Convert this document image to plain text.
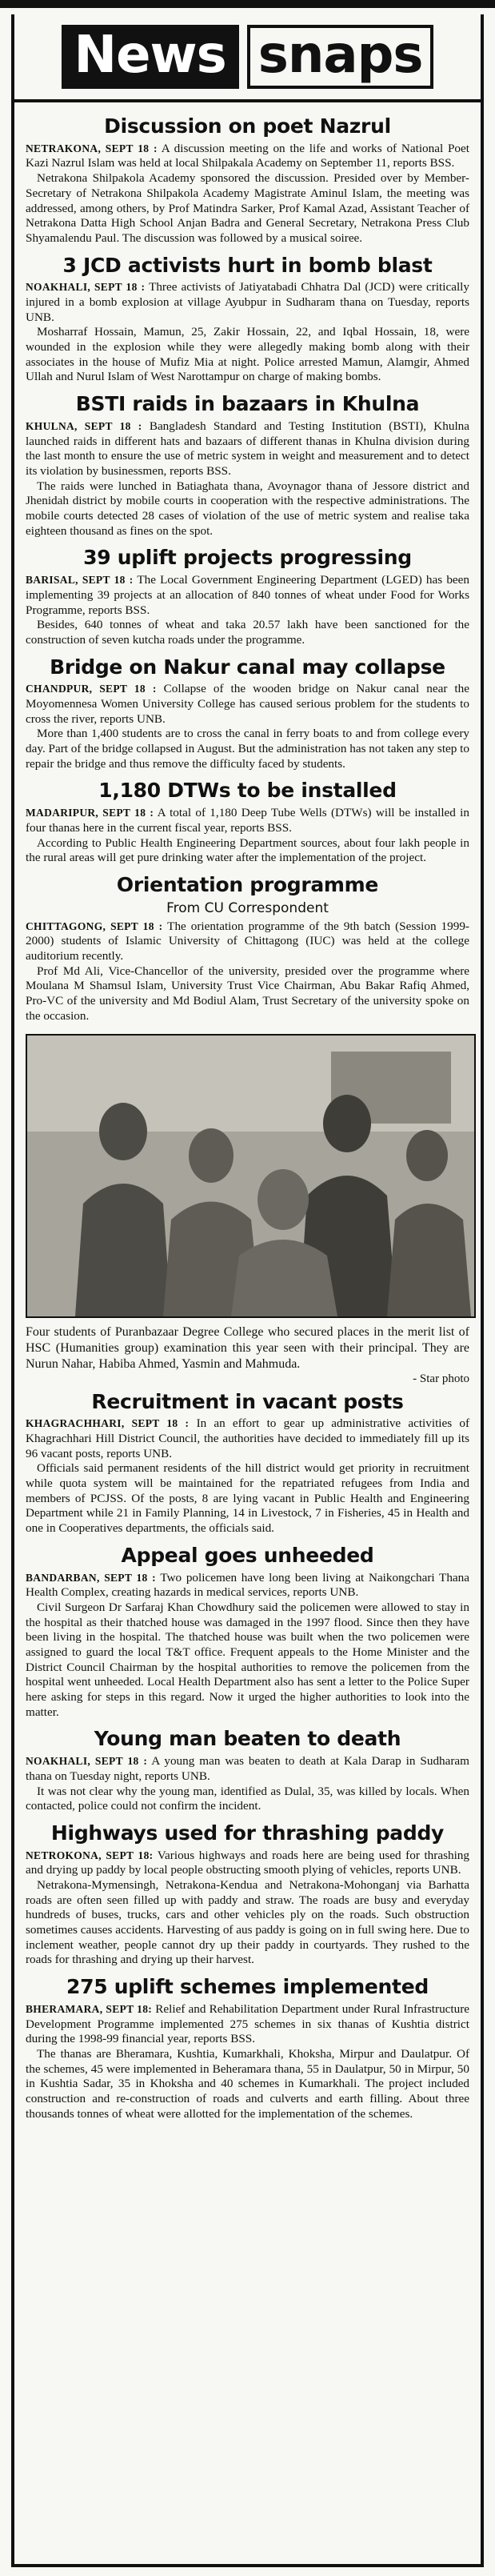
News snaps
Discussion on poet Nazrul

NETRAKONA, SEPT 18 : A discussion meeting on the life and works of National Poet Kazi Nazrul Islam was held at local Shilpakala Academy on September 11, reports BSS.

Netrakona Shilpakola Academy sponsored the discussion. Presided over by Member-Secretary of Netrakona Shilpakola Academy Magistrate Aminul Islam, the meeting was addressed, among others, by Prof Matindra Sarker, Prof Kamal Azad, Assistant Teacher of Netrakona Datta High School Anjan Badra and General Secretary, Netrakona Press Club Shyamalendu Paul. The discussion was followed by a musical soiree.

3 JCD activists hurt in bomb blast

NOAKHALI, SEPT 18 : Three activists of Jatiyatabadi Chhatra Dal (JCD) were critically injured in a bomb explosion at village Ayubpur in Sudharam thana on Tuesday, reports UNB.

Mosharraf Hossain, Mamun, 25, Zakir Hossain, 22, and Iqbal Hossain, 18, were wounded in the explosion while they were allegedly making bomb along with their associates in the house of Mufiz Mia at night. Police arrested Mamun, Alamgir, Ahmed Ullah and Nurul Islam of West Narottampur on charge of making bombs.

BSTI raids in bazaars in Khulna

KHULNA, SEPT 18 : Bangladesh Standard and Testing Institution (BSTI), Khulna launched raids in different hats and bazaars of different thanas in Khulna division during the last month to ensure the use of metric system in weight and measurement and to detect its violation by businessmen, reports BSS.

The raids were lunched in Batiaghata thana, Avoynagor thana of Jessore district and Jhenidah district by mobile courts in cooperation with the respective administrations. The mobile courts detected 28 cases of violation of the use of metric system and realise taka eighteen thousand as fines on the spot.

39 uplift projects progressing

BARISAL, SEPT 18 : The Local Government Engineering Department (LGED) has been implementing 39 projects at an allocation of 840 tonnes of wheat under Food for Works Programme, reports BSS.

Besides, 640 tonnes of wheat and taka 20.57 lakh have been sanctioned for the construction of seven kutcha roads under the programme.

Bridge on Nakur canal may collapse

CHANDPUR, SEPT 18 : Collapse of the wooden bridge on Nakur canal near the Moyomennesa Women University College has caused serious problem for the students to cross the river, reports UNB.

More than 1,400 students are to cross the canal in ferry boats to and from college every day. Part of the bridge collapsed in August. But the administration has not taken any step to repair the bridge and thus remove the difficulty faced by students.

1,180 DTWs to be installed

MADARIPUR, SEPT 18 : A total of 1,180 Deep Tube Wells (DTWs) will be installed in four thanas here in the current fiscal year, reports BSS.

According to Public Health Engineering Department sources, about four lakh people in the rural areas will get pure drinking water after the implementation of the project.

Orientation programme
From CU Correspondent

CHITTAGONG, SEPT 18 : The orientation programme of the 9th batch (Session 1999-2000) students of Islamic University of Chittagong (IUC) was held at the college auditorium recently.

Prof Md Ali, Vice-Chancellor of the university, presided over the programme where Moulana M Shamsul Islam, University Trust Vice Chairman, Abu Bakar Rafiq Ahmed, Pro-VC of the university and Md Bodiul Alam, Trust Secretary of the university spoke on the occasion.

Four students of Puranbazaar Degree College who secured places in the merit list of HSC (Humanities group) examination this year seen with their principal. They are Nurun Nahar, Habiba Ahmed, Yasmin and Mahmuda.

- Star photo

Recruitment in vacant posts

KHAGRACHHARI, SEPT 18 : In an effort to gear up administrative activities of Khagrachhari Hill District Council, the authorities have decided to immediately fill up its 96 vacant posts, reports UNB.

Officials said permanent residents of the hill district would get priority in recruitment while quota system will be maintained for the repatriated refugees from India and members of PCJSS. Of the posts, 8 are lying vacant in Public Health and Engineering Department while 21 in Family Planning, 14 in Livestock, 7 in Fisheries, 45 in Health and one in Cooperatives departments, the officials said.

Appeal goes unheeded

BANDARBAN, SEPT 18 : Two policemen have long been living at Naikongchari Thana Health Complex, creating hazards in medical services, reports UNB.

Civil Surgeon Dr Sarfaraj Khan Chowdhury said the policemen were allowed to stay in the hospital as their thatched house was damaged in the 1997 flood. Since then they have been living in the hospital. The thatched house was built when the two policemen were assigned to guard the local T&T office. Frequent appeals to the Home Minister and the District Council Chairman by the hospital authorities to remove the policemen from the hospital went unheeded. Local Health Department also has sent a letter to the Police Super here asking for steps in this regard. Now it urged the higher authorities to look into the matter.

Young man beaten to death

NOAKHALI, SEPT 18 : A young man was beaten to death at Kala Darap in Sudharam thana on Tuesday night, reports UNB.

It was not clear why the young man, identified as Dulal, 35, was killed by locals. When contacted, police could not confirm the incident.

Highways used for thrashing paddy

NETROKONA, SEPT 18: Various highways and roads here are being used for thrashing and drying up paddy by local people obstructing smooth plying of vehicles, reports UNB.

Netrakona-Mymensingh, Netrakona-Kendua and Netrakona-Mohonganj via Barhatta roads are often seen filled up with paddy and straw. The roads are busy and everyday hundreds of buses, trucks, cars and other vehicles ply on the roads. Such obstruction sometimes causes accidents. Harvesting of aus paddy is going on in full swing here. Due to inclement weather, people cannot dry up their paddy in courtyards. They rushed to the roads for thrashing and drying up their harvest.

275 uplift schemes implemented

BHERAMARA, SEPT 18: Relief and Rehabilitation Department under Rural Infrastructure Development Programme implemented 275 schemes in six thanas of Kushtia district during the 1998-99 financial year, reports BSS.

The thanas are Bheramara, Kushtia, Kumarkhali, Khoksha, Mirpur and Daulatpur. Of the schemes, 45 were implemented in Beheramara thana, 55 in Daulatpur, 50 in Mirpur, 50 in Kushtia Sadar, 35 in Khoksha and 40 schemes in Kumarkhali. The project included construction and re-construction of roads and culverts and earth filling. About three thousands tonnes of wheat were allotted for the implementation of the schemes.
